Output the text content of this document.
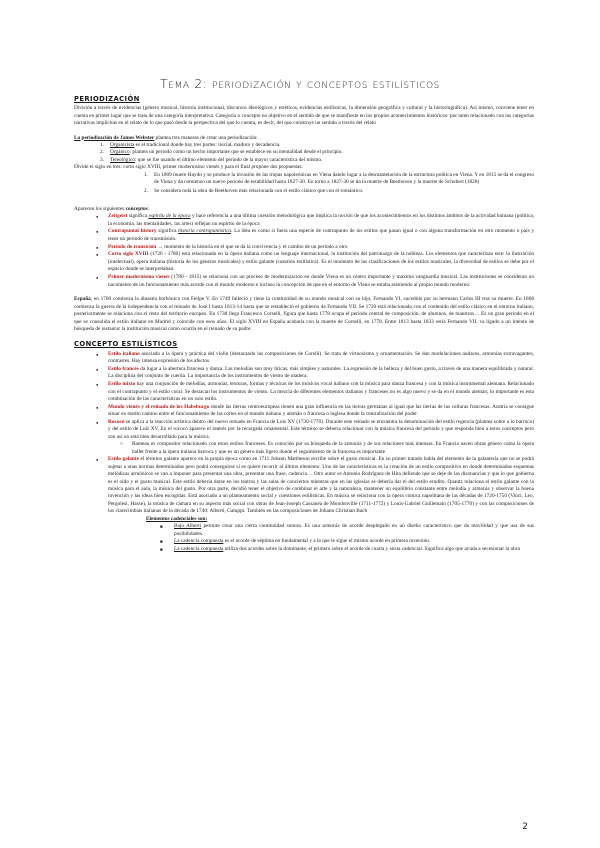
Tema 2: periodización y conceptos estilísticos
PERIODIZACIÓN

División a través de evidencias (género musical, historia institucional, discursos ideológicos y estéticos, evidencias estilísticas, la dimensión geográfica y cultural y la historiográfica). Así mismo, conviene tener en cuenta en primer lugar que se trata de una categoría interpretativa. Categoría o concepto no objetivo en el sentido de que se manifieste en los propios acontecimientos históricos: por tanto relacionado con las categorías narrativas implícitas en el relato de lo que pasó desde la perspectiva del que lo cuenta, es decir, del que construye un sentido a través del relato

La periodización de James Webster plantea tres maneras de crear una periodización:

1. Organicista es el tradicional donde hay tres partes: inicial, maduro y decadencia.
2. Orgánico: plantea un periodo como un hecho importante que se establece en su mentalidad desde el principio.
3. Teleológico: que se fue usando el último elemento del periodo de la mayor característica del mismo.

Divide el siglo en tres: corto siglo XVIII, primer modernismo vienés y para el final propone dos propuestas:

1. En 1809 muere Haydn y se produce la invasión de las tropas napoleónicas en Viena dando lugar a la desmantelación de la estructura política en Viena. Y en 1815 se da el congreso de Viena y da comienzo un nuevo periodo de estabilidad hasta 1827-30. En torno a 1827-30 se da la muerte de Beethoven y la muerte de Schubert (1828)
2. Se considera toda la obra de Beethoven más relacionada con el estilo clásico que con el romántico.

Aparecen los siguientes conceptos:

● Zeitgeist significa espíritu de la época y hace referencia a una última cuestión metodológica que implica la noción de que los acontecimientos en los distintos ámbitos de la actividad humana (política, la economía, las mentalidades, las artes) reflejan un espíritu de la época
● Contrapuntal history significa historia contrapuntística. La idea es como si fuera una especie de contrapunto de los estilos que pasan igual o con alguna transformación en otro momento o país y tener un periodo de transmisión.
● Periodo de transición → momento de la historia en el que se da la convivencia y el cambio de un periodo a otro
● Corto siglo XVIII (1720 - 1780) está relacionado en la ópera italiana como un lenguaje internacional, la institución del patronazgo de la nobleza. Los elementos que caracterizan este: la ilustración (intelectual), ópera italiana (historia de los géneros musicales) y estilo galante (cuestión estilística). Es el momento de las clasificaciones de los estilos musicales, la diversidad de estilos se debe por el espacio donde se interpretaban.
● Primer modernismo vienés (1780 - 1815) se relaciona con un proceso de modernización en donde Viena es un centro importante y máxima vanguardia musical. Las instituciones se consideran un nacimiento de un funcionamiento más acorde con el mundo moderno e incluso la concepción de que en el entorno de Viena se estaba asistiendo al propio mundo moderno.

España, en 1700 comienza la dinastía borbónica con Felipe V. En 1749 falleció y tiene la continuidad de su mundo musical con su hijo, Fernando VI, sucedido por su hermano Carlos III tras su muerte. En 1808 comienza la guerra de la independencia con el reinado de José I hasta 1813-14 hasta que se restableció el gobierno de Fernando VII. Se 1720 está relacionado con el contenido del estilo clásico en el entorno italiano, posteriormente se relaciona con el resto del territorio europeo. En 1738 llega Francesco Corselli, figura que hasta 1778 ocupa el periodo central de composición, de alumnos, de maestros… Es un gran periodo en el que se consolida el estilo italiano en Madrid y coincide con esos años. El siglo XVIII en España acabaría con la muerte de Corselli, en 1778. Entre 1813 hasta 1833 sería Fernando VII. va ligado a un intento de búsqueda de restaurar la institución musical como ocurría en el reinado de su padre.

CONCEPTO ESTILÍSTICOS
● Estilo italiano asociado a la ópera y práctica del violín (destacando las composiciones de Corelli). Se trata de virtuosismo y ornamentación. Se dan modulaciones audaces, armonías extravagantes, contrastes. Hay intensa expresión de los afectos.
● Estilo francés da lugar a la abertura francesa y danza. Las melodías son muy líricas, más simples y naturales. La expresión de la belleza y del buen gusto, a través de una manera equilibrada y natural. La disciplina del conjunto de cuerda. La importancia de los instrumentos de viento de madera.
● Estilo mixto hay una conjunción de melodías, armonías, texturas, formas y técnicas de los músicos vocal italiano con la música para danza francesa y con la música instrumental alemana. Relacionado con el contrapunto y el estilo coral. Se destacan los instrumentos de viento. La mezcla de diferentes elementos italianos y franceses no es algo nuevo y se da en el mundo alemán; lo importante es esta combinación de las características en un solo estilo.
● Mundo vienés y el reinado de los Habsburgo donde las tierras centroeuropeas tienen una gran influencia en las tierras germanas al igual que las tierras de las culturas francesas. Austria se consigue situar en medio camino entre el funcionamiento de las cortes en el mundo italiano y alemán o francesa o inglesa donde la centralización del poder.
● Rococó se aplica a la reacción artística dentro del nuevo reinado en Francia de Luis XV (1730-1770). Durante este reinado se encuentra la denominación del estilo regencia (plantea sobre a lo barroco) y del estilo de Luis XV. En el rococó aparece el interés por la recargada ornamental. Este término se debería relacionar con la música francesa del periodo y que responda bien a estos conceptos pero son así no está bien desarrollado para la música.
○ Rameau es compositor relacionado con estos estilos franceses. Es conocido por su búsqueda de la armonía y de sus relaciones más intensas. En Francia nacen obras género como la ópera ballet frente a la ópera italiana barroca y que es un género más ligero donde el seguimiento de la francesa es importante
● Estilo galante el término galante aparece en la propia época como en 1711 Johann Mattheson escribe sobre el gusto musical. En su primer tratado habla del elemento de la galantería que no se podrá sujetar a unas normas determinadas pero podrá conseguirse si se quiere recurrir al último elemento. Uno de las características es la creación de un estilo compositivo en donde determinadas esquemas melódicas armónicos se van a imponer para presentar una obra, presentar una frase, cadencia… Otro autor es Antonio Rodríguez de Hita defiende que se deje de las disonancias y que lo que gobierna es el oído y el gusto musical. Este estilo debería darse en los teatros y las salas de conciertos mientras que en las iglesias se debería dar el del estilo erudito. Quantz relaciona el estilo galante con la música para el aula, la música del gusto. Por otra parte, decidió tener el objetivo de combinar el arte y la naturaleza, mantener un equilibrio constante entre melodía y armonía y observar la buena invención y las ideas bien escogidas. Está asociado a un planteamiento social y cuestiones estilísticas. En música se relaciona con la ópera cómica napolitana de las décadas de 1720-1750 (Vinci, Leo, Pergolesi, Hasse), la música de cámara en su aspecto más social con obras de Jean-Joseph Cassanéa de Mondonville (1711-1772) y Louis-Gabriel Guillemain (1705-1770) y con las composiciones de los clarecimbias italianas de la década de 1740: Alberti, Galuppi. También en las composiciones de Johann Christian Bach
Elementos cadenciales son:
■ Bajo Alberti permite crear una cierta continuidad sonora. Es una armonía de acorde desplegado en un diseño característico que da movilidad y que usa de sus posibilidades.
■ La cadencia compuesta es el acorde de séptima en fundamental y a la que le sigue el mismo acorde en primera inversión.
■ La cadencia compuesta utiliza dos acordes sobre la dominante, el primero sobre el acorde de cuarta y sexta cadencial. Significa algo que ayuda a secesionar la obra
2
